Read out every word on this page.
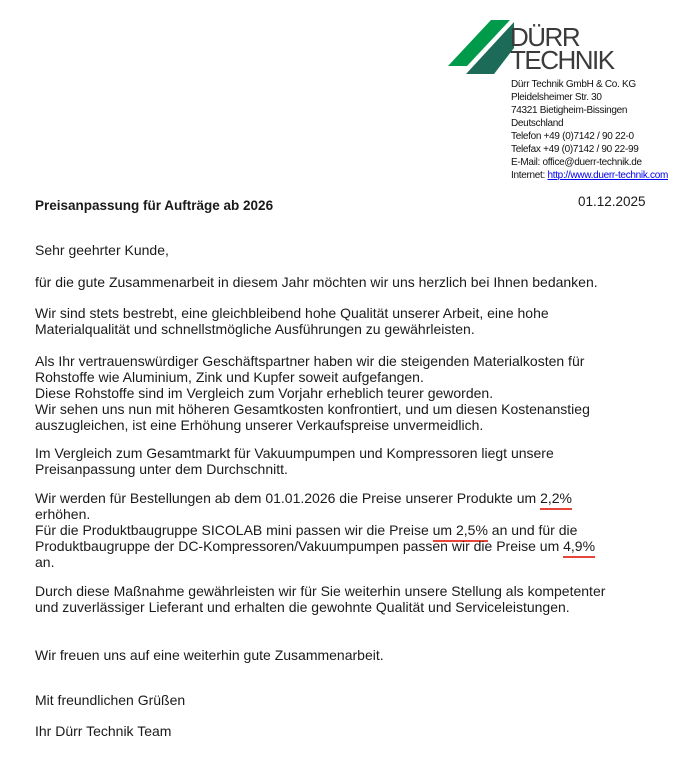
DÜRR
TECHNIK
Dürr Technik GmbH & Co. KG
Pleidelsheimer Str. 30
74321 Bietigheim-Bissingen
Deutschland
Telefon +49 (0)7142 / 90 22-0
Telefax +49 (0)7142 / 90 22-99
E-Mail: office@duerr-technik.de
Internet: http://www.duerr-technik.com
Preisanpassung für Aufträge ab 2026	01.12.2025
Sehr geehrter Kunde,
für die gute Zusammenarbeit in diesem Jahr möchten wir uns herzlich bei Ihnen bedanken.
Wir sind stets bestrebt, eine gleichbleibend hohe Qualität unserer Arbeit, eine hohe
Materialqualität und schnellstmögliche Ausführungen zu gewährleisten.
Als Ihr vertrauenswürdiger Geschäftspartner haben wir die steigenden Materialkosten für
Rohstoffe wie Aluminium, Zink und Kupfer soweit aufgefangen.
Diese Rohstoffe sind im Vergleich zum Vorjahr erheblich teurer geworden.
Wir sehen uns nun mit höheren Gesamtkosten konfrontiert, und um diesen Kostenanstieg
auszugleichen, ist eine Erhöhung unserer Verkaufspreise unvermeidlich.
Im Vergleich zum Gesamtmarkt für Vakuumpumpen und Kompressoren liegt unsere
Preisanpassung unter dem Durchschnitt.
Wir werden für Bestellungen ab dem 01.01.2026 die Preise unserer Produkte um 2,2%
erhöhen.
Für die Produktbaugruppe SICOLAB mini passen wir die Preise um 2,5% an und für die
Produktbaugruppe der DC-Kompressoren/Vakuumpumpen passen wir die Preise um 4,9%
an.
Durch diese Maßnahme gewährleisten wir für Sie weiterhin unsere Stellung als kompetenter
und zuverlässiger Lieferant und erhalten die gewohnte Qualität und Serviceleistungen.
Wir freuen uns auf eine weiterhin gute Zusammenarbeit.
Mit freundlichen Grüßen
Ihr Dürr Technik Team
